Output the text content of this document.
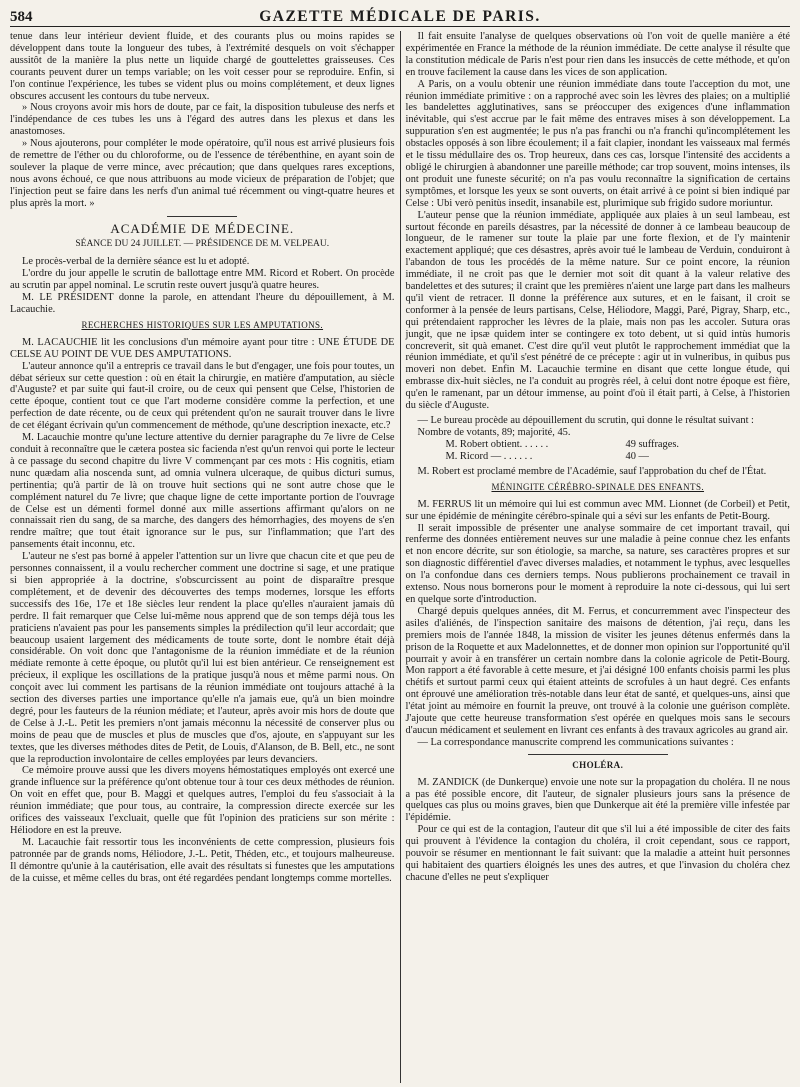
584	GAZETTE MÉDICALE DE PARIS.

tenue dans leur intérieur devient fluide, et des courants plus ou moins rapides se développent dans toute la longueur des tubes, à l'extrémité desquels on voit s'échapper aussitôt de la manière la plus nette un liquide chargé de gouttelettes graisseuses. Ces courants peuvent durer un temps variable; on les voit cesser pour se reproduire. Enfin, si l'on continue l'expérience, les tubes se vident plus ou moins complétement, et deux lignes obscures accusent les contours du tube nerveux.

» Nous croyons avoir mis hors de doute, par ce fait, la disposition tubuleuse des nerfs et l'indépendance de ces tubes les uns à l'égard des autres dans les plexus et dans les anastomoses.

» Nous ajouterons, pour compléter le mode opératoire, qu'il nous est arrivé plusieurs fois de remettre de l'éther ou du chloroforme, ou de l'essence de térébenthine, en ayant soin de soulever la plaque de verre mince, avec précaution; que dans quelques rares exceptions, nous avons échoué, ce que nous attribuons au mode vicieux de préparation de l'objet; que l'injection peut se faire dans les nerfs d'un animal tué récemment ou vingt-quatre heures et plus après la mort. »

ACADÉMIE DE MÉDECINE.
SÉANCE DU 24 JUILLET. — PRÉSIDENCE DE M. VELPEAU.

Le procès-verbal de la dernière séance est lu et adopté.

L'ordre du jour appelle le scrutin de ballottage entre MM. Ricord et Robert. On procède au scrutin par appel nominal. Le scrutin reste ouvert jusqu'à quatre heures.

M. LE PRÉSIDENT donne la parole, en attendant l'heure du dépouillement, à M. Lacauchie.

RECHERCHES HISTORIQUES SUR LES AMPUTATIONS.

M. LACAUCHIE lit les conclusions d'un mémoire ayant pour titre : UNE ÉTUDE DE CELSE AU POINT DE VUE DES AMPUTATIONS.

L'auteur annonce qu'il a entrepris ce travail dans le but d'engager, une fois pour toutes, un débat sérieux sur cette question : où en était la chirurgie, en matière d'amputation, au siècle d'Auguste? et par suite qui faut-il croire, ou de ceux qui pensent que Celse, l'historien de cette époque, contient tout ce que l'art moderne considère comme la perfection, et une perfection de date récente, ou de ceux qui prétendent qu'on ne saurait trouver dans le livre de cet élégant écrivain qu'un commencement de méthode, qu'une description inexacte, etc.?

M. Lacauchie montre qu'une lecture attentive du dernier paragraphe du 7e livre de Celse conduit à reconnaître que le cætera postea sic facienda n'est qu'un renvoi qui porte le lecteur à ce passage du second chapitre du livre V commençant par ces mots : His cognitis, etiam nunc quædam alia noscenda sunt, ad omnia vulnera ulceraque, de quibus dicturi sumus, pertinentia; qu'à partir de là on trouve huit sections qui ne sont autre chose que le complément naturel du 7e livre; que chaque ligne de cette importante portion de l'ouvrage de Celse est un démenti formel donné aux mille assertions affirmant qu'alors on ne connaissait rien du sang, de sa marche, des dangers des hémorrhagies, des moyens de s'en rendre maître; que tout était ignorance sur le pus, sur l'inflammation; que l'art des pansements était inconnu, etc.

L'auteur ne s'est pas borné à appeler l'attention sur un livre que chacun cite et que peu de personnes connaissent, il a voulu rechercher comment une doctrine si sage, et une pratique si bien appropriée à la doctrine, s'obscurcissent au point de disparaître presque complétement, et de devenir des découvertes des temps modernes, lorsque les efforts successifs des 16e, 17e et 18e siècles leur rendent la place qu'elles n'auraient jamais dû perdre. Il fait remarquer que Celse lui-même nous apprend que de son temps déjà tous les praticiens n'avaient pas pour les pansements simples la prédilection qu'il leur accordait; que beaucoup usaient largement des médicaments de toute sorte, dont le nombre était déjà considérable. On voit donc que l'antagonisme de la réunion immédiate et de la réunion médiate remonte à cette époque, ou plutôt qu'il lui est bien antérieur. Ce renseignement est précieux, il explique les oscillations de la pratique jusqu'à nous et même parmi nous. On conçoit avec lui comment les partisans de la réunion immédiate ont toujours attaché à la section des diverses parties une importance qu'elle n'a jamais eue, qu'à un bien moindre degré, pour les fauteurs de la réunion médiate; et l'auteur, après avoir mis hors de doute que de Celse à J.-L. Petit les premiers n'ont jamais méconnu la nécessité de conserver plus ou moins de peau que de muscles et plus de muscles que d'os, ajoute, en s'appuyant sur les textes, que les diverses méthodes dites de Petit, de Louis, d'Alanson, de B. Bell, etc., ne sont que la reproduction involontaire de celles employées par leurs devanciers.

Ce mémoire prouve aussi que les divers moyens hémostatiques employés ont exercé une grande influence sur la préférence qu'ont obtenue tour à tour ces deux méthodes de réunion. On voit en effet que, pour B. Maggi et quelques autres, l'emploi du feu s'associait à la réunion immédiate; que pour tous, au contraire, la compression directe exercée sur les orifices des vaisseaux l'excluait, quelle que fût l'opinion des praticiens sur son mérite : Héliodore en est la preuve.

M. Lacauchie fait ressortir tous les inconvénients de cette compression, plusieurs fois patronnée par de grands noms, Héliodore, J.-L. Petit, Théden, etc., et toujours malheureuse. Il démontre qu'unie à la cautérisation, elle avait des résultats si funestes que les amputations de la cuisse, et même celles du bras, ont été regardées pendant longtemps comme mortelles.

Il fait ensuite l'analyse de quelques observations où l'on voit de quelle manière a été expérimentée en France la méthode de la réunion immédiate. De cette analyse il résulte que la constitution médicale de Paris n'est pour rien dans les insuccès de cette méthode, et qu'on en trouve facilement la cause dans les vices de son application.

A Paris, on a voulu obtenir une réunion immédiate dans toute l'acception du mot, une réunion immédiate primitive : on a rapproché avec soin les lèvres des plaies; on a multiplié les bandelettes agglutinatives, sans se préoccuper des exigences d'une inflammation inévitable, qui s'est accrue par le fait même des entraves mises à son développement. La suppuration s'en est augmentée; le pus n'a pas franchi ou n'a franchi qu'incomplétement les obstacles opposés à son libre écoulement; il a fait clapier, inondant les vaisseaux mal fermés et le tissu médullaire des os. Trop heureux, dans ces cas, lorsque l'intensité des accidents a obligé le chirurgien à abandonner une pareille méthode; car trop souvent, moins intenses, ils ont produit une funeste sécurité; on n'a pas voulu reconnaître la signification de certains symptômes, et lorsque les yeux se sont ouverts, on était arrivé à ce point si bien indiqué par Celse : Ubi verò penitùs insedit, insanabile est, plurimique sub frigido sudore moriuntur.

L'auteur pense que la réunion immédiate, appliquée aux plaies à un seul lambeau, est surtout féconde en pareils désastres, par la nécessité de donner à ce lambeau beaucoup de longueur, de le ramener sur toute la plaie par une forte flexion, et de l'y maintenir exactement appliqué; que ces désastres, après avoir tué le lambeau de Verduin, conduiront à l'abandon de tous les procédés de la même nature. Sur ce point encore, la réunion immédiate, il ne croit pas que le dernier mot soit dit quant à la valeur relative des bandelettes et des sutures; il craint que les premières n'aient une large part dans les malheurs qu'il vient de retracer. Il donne la préférence aux sutures, et en le faisant, il croit se conformer à la pensée de leurs partisans, Celse, Héliodore, Maggi, Paré, Pigray, Sharp, etc., qui prétendaient rapprocher les lèvres de la plaie, mais non pas les accoler. Sutura oras jungit, que ne ipsæ quidem inter se contingere ex toto debent, ut si quid intùs humoris concreverit, sit quà emanet. C'est dire qu'il veut plutôt le rapprochement immédiat que la réunion immédiate, et qu'il s'est pénétré de ce précepte : agir ut in vulneribus, in quibus pus moveri non debet. Enfin M. Lacauchie termine en disant que cette longue étude, qui embrasse dix-huit siècles, ne l'a conduit au progrès réel, à celui dont notre époque est fière, qu'en le ramenant, par un détour immense, au point d'où il était parti, à Celse, à l'historien du siècle d'Auguste.

— Le bureau procède au dépouillement du scrutin, qui donne le résultat suivant :

Nombre de votants, 89; majorité, 45.

M. Robert obtient. . . . . .	49 suffrages.
M. Ricord — . . . . . .	40 —

M. Robert est proclamé membre de l'Académie, sauf l'approbation du chef de l'État.

MÉNINGITE CÉRÉBRO-SPINALE DES ENFANTS.

M. FERRUS lit un mémoire qui lui est commun avec MM. Lionnet (de Corbeil) et Petit, sur une épidémie de méningite cérébro-spinale qui a sévi sur les enfants de Petit-Bourg.

Il serait impossible de présenter une analyse sommaire de cet important travail, qui renferme des données entièrement neuves sur une maladie à peine connue chez les enfants et non encore décrite, sur son étiologie, sa marche, sa nature, ses caractères propres et sur son diagnostic différentiel d'avec diverses maladies, et notamment le typhus, avec lesquelles on l'a confondue dans ces derniers temps. Nous publierons prochainement ce travail in extenso. Nous nous bornerons pour le moment à reproduire la note ci-dessous, qui lui sert en quelque sorte d'introduction.

Chargé depuis quelques années, dit M. Ferrus, et concurremment avec l'inspecteur des asiles d'aliénés, de l'inspection sanitaire des maisons de détention, j'ai reçu, dans les premiers mois de l'année 1848, la mission de visiter les jeunes détenus enfermés dans la prison de la Roquette et aux Madelonnettes, et de donner mon opinion sur l'opportunité qu'il pourrait y avoir à en transférer un certain nombre dans la colonie agricole de Petit-Bourg. Mon rapport a été favorable à cette mesure, et j'ai désigné 100 enfants choisis parmi les plus chétifs et surtout parmi ceux qui étaient atteints de scrofules à un haut degré. Ces enfants ont éprouvé une amélioration très-notable dans leur état de santé, et quelques-uns, ainsi que l'état joint au mémoire en fournit la preuve, ont trouvé à la colonie une guérison complète. J'ajoute que cette heureuse transformation s'est opérée en quelques mois sans le secours d'aucun médicament et seulement en livrant ces enfants à des travaux agricoles au grand air.

— La correspondance manuscrite comprend les communications suivantes :

CHOLÉRA.

M. ZANDICK (de Dunkerque) envoie une note sur la propagation du choléra. Il ne nous a pas été possible encore, dit l'auteur, de signaler plusieurs jours sans la présence de quelques cas plus ou moins graves, bien que Dunkerque ait été la première ville infestée par l'épidémie.

Pour ce qui est de la contagion, l'auteur dit que s'il lui a été impossible de citer des faits qui prouvent à l'évidence la contagion du choléra, il croit cependant, sous ce rapport, pouvoir se résumer en mentionnant le fait suivant: que la maladie a atteint huit personnes qui habitaient des quartiers éloignés les unes des autres, et que l'invasion du choléra chez chacune d'elles ne peut s'expliquer
